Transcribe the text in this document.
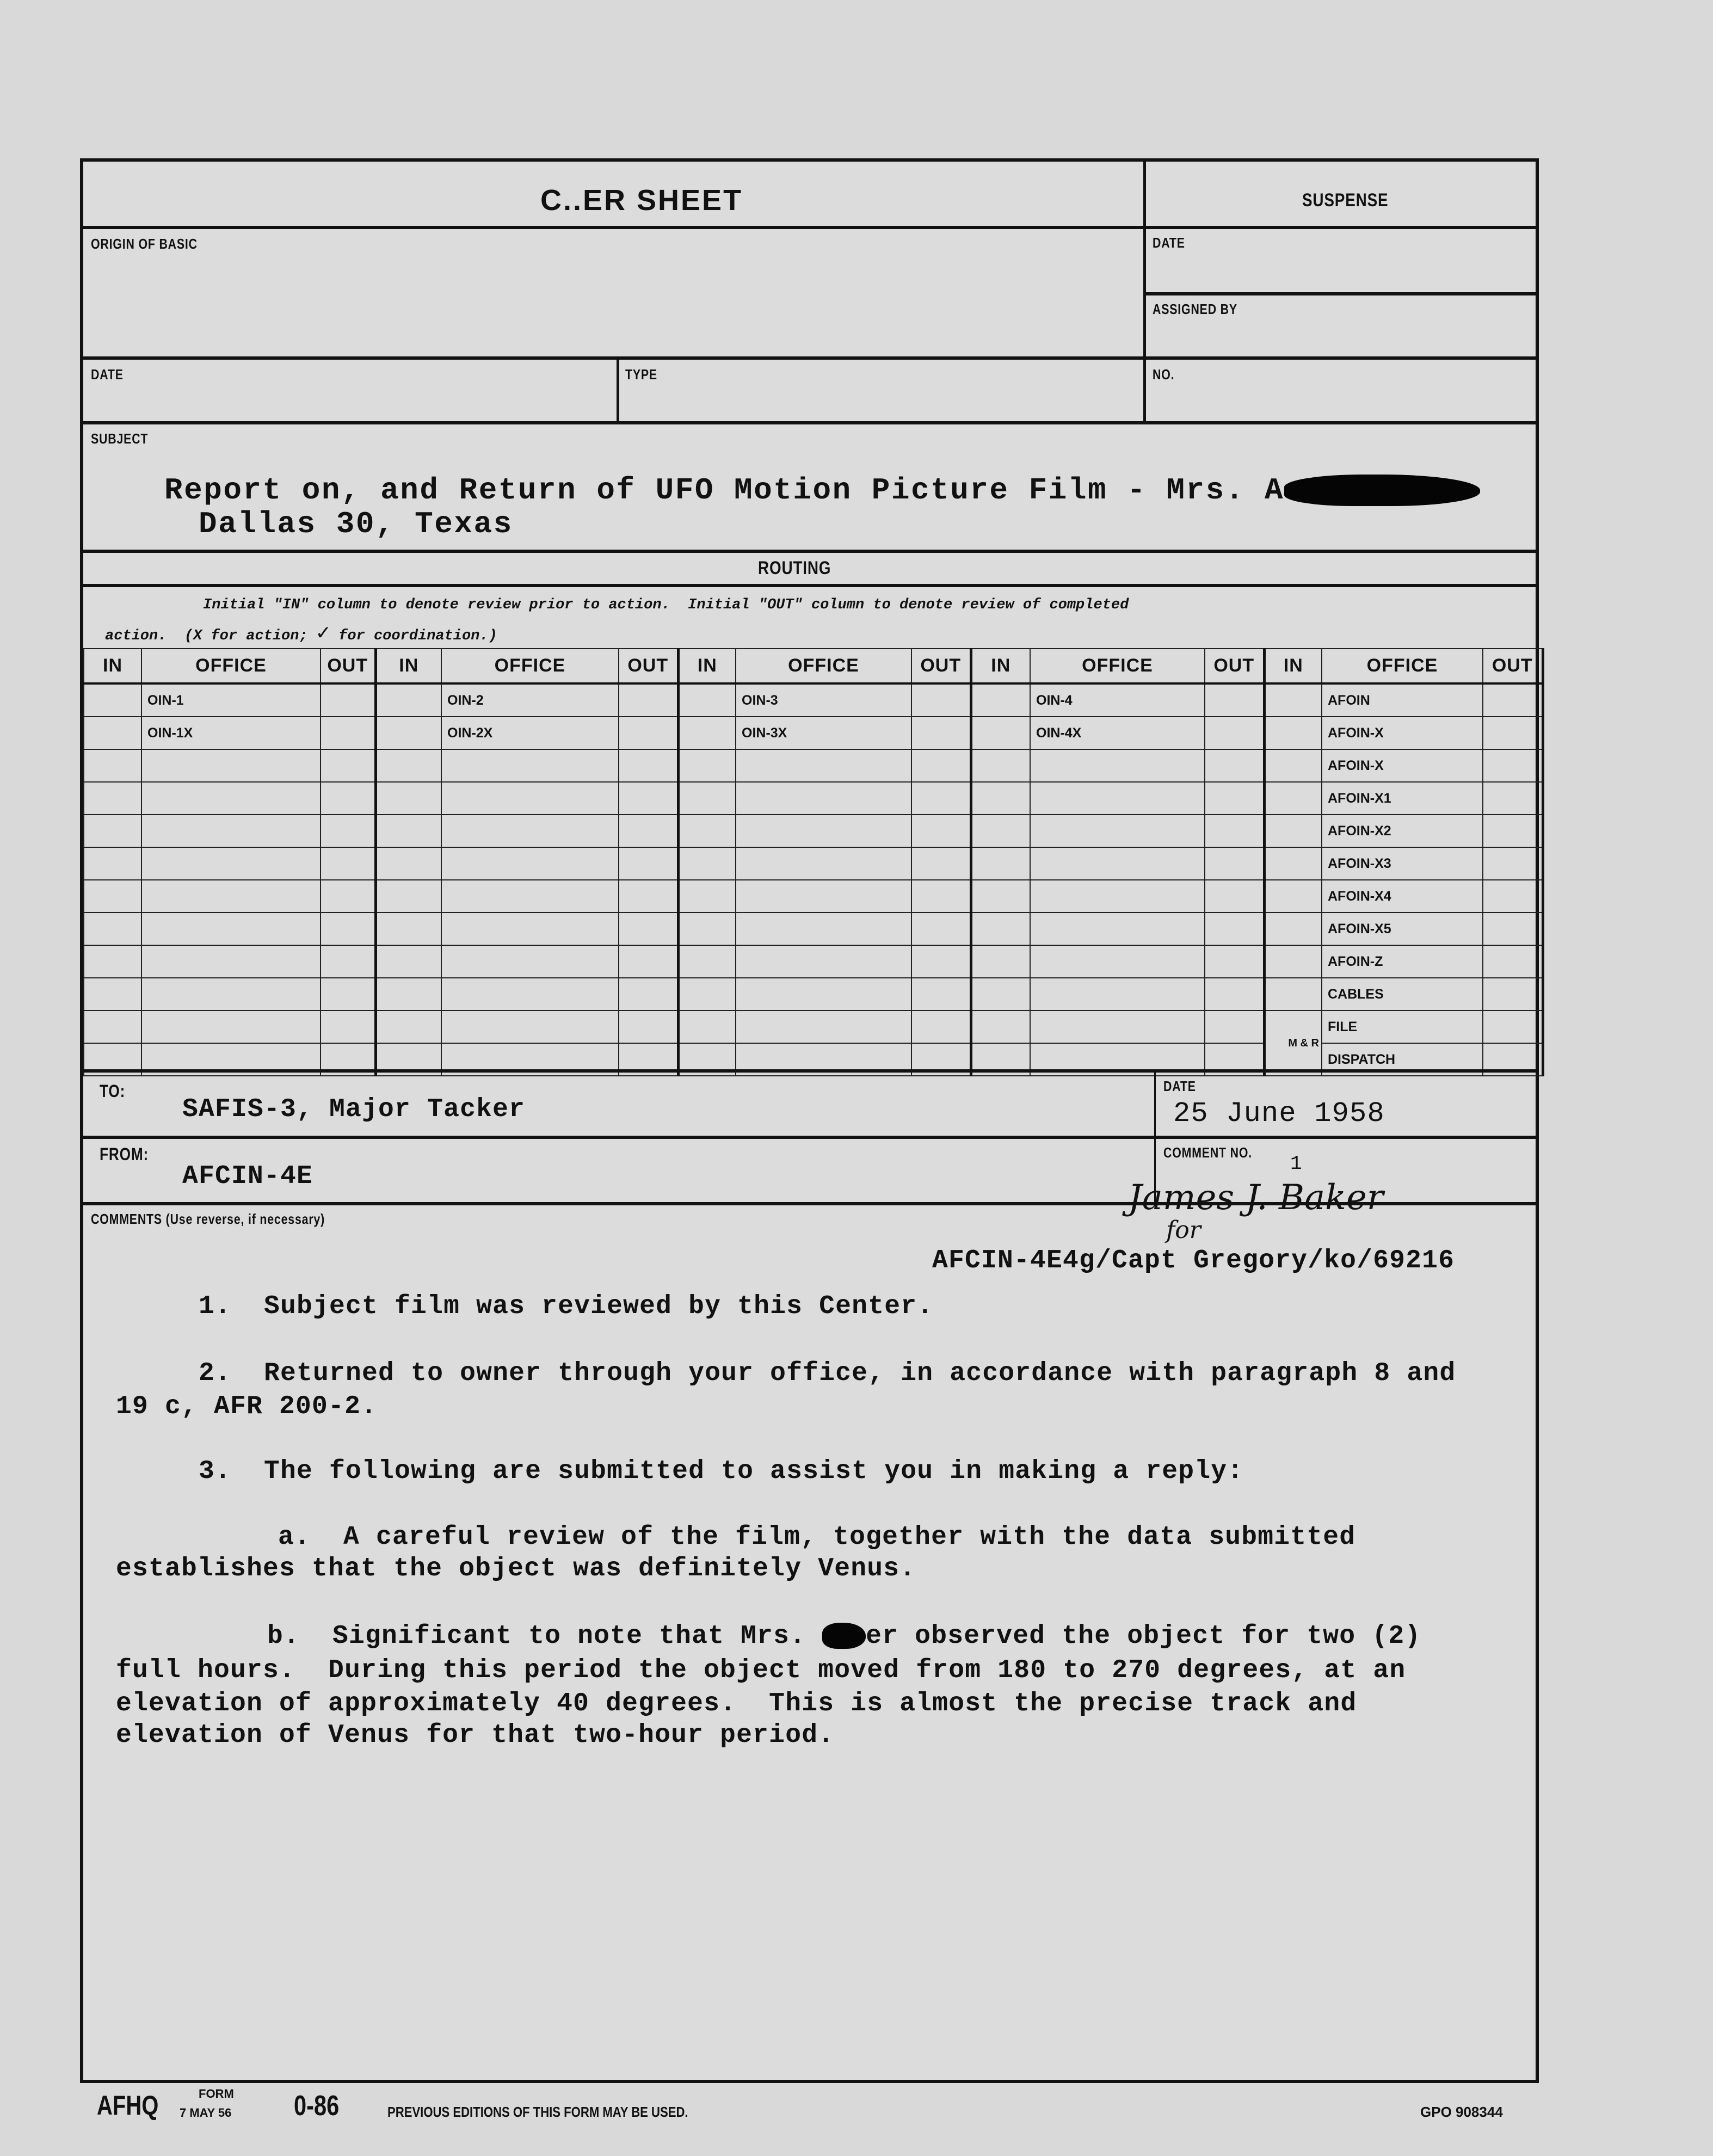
C..ER SHEET	SUSPENSE
ORIGIN OF BASIC	DATE
ASSIGNED BY
DATE	TYPE	NO.
SUBJECT
Report on, and Return of UFO Motion Picture Film - Mrs. A
Dallas 30, Texas
ROUTING
Initial "IN" column to denote review prior to action.  Initial "OUT" column to denote review of completed
action.  (X for action; ✓ for coordination.)
IN	OFFICE	OUT	IN	OFFICE	OUT	IN	OFFICE	OUT	IN	OFFICE	OUT	IN	OFFICE	OUT
	OIN-1			OIN-2			OIN-3			OIN-4			AFOIN	
	OIN-1X			OIN-2X			OIN-3X			OIN-4X			AFOIN-X	
													AFOIN-X	
													AFOIN-X1	
													AFOIN-X2	
													AFOIN-X3	
													AFOIN-X4	
													AFOIN-X5	
													AFOIN-Z	
													CABLES	
												M & R	FILE	
													DISPATCH	
TO:
SAFIS-3, Major Tacker
DATE
25 June 1958
FROM:
AFCIN-4E
COMMENT NO. 1
James J. Baker
COMMENTS (Use reverse, if necessary)	for
AFCIN-4E4g/Capt Gregory/ko/69216
1.  Subject film was reviewed by this Center.
2.  Returned to owner through your office, in accordance with paragraph 8 and
19 c, AFR 200-2.
3.  The following are submitted to assist you in making a reply:
a.  A careful review of the film, together with the data submitted
establishes that the object was definitely Venus.
b.  Significant to note that Mrs. er observed the object for two (2)
full hours.  During this period the object moved from 180 to 270 degrees, at an
elevation of approximately 40 degrees.  This is almost the precise track and
elevation of Venus for that two-hour period.
AFHQ	FORM
7 MAY 56 0-86	PREVIOUS EDITIONS OF THIS FORM MAY BE USED.	GPO 908344
